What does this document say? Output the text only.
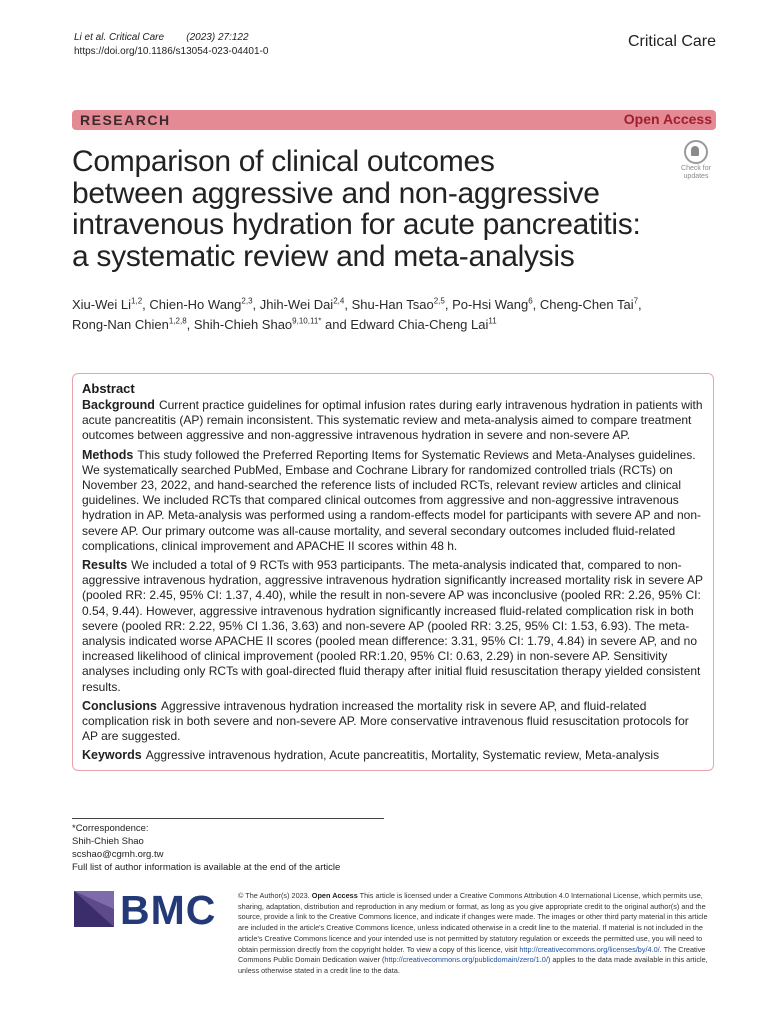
Li et al. Critical Care (2023) 27:122
https://doi.org/10.1186/s13054-023-04401-0
Critical Care
RESEARCH	Open Access
Check for
updates
Comparison of clinical outcomes
between aggressive and non-aggressive
intravenous hydration for acute pancreatitis:
a systematic review and meta-analysis
Xiu-Wei Li$^{1,2}$, Chien-Ho Wang$^{2,3}$, Jhih-Wei Dai$^{2,4}$, Shu-Han Tsao$^{2,5}$, Po-Hsi Wang$^6$, Cheng-Chen Tai$^7$,
Rong-Nan Chien$^{1,2,8}$, Shih-Chieh Shao$^{9,10,11*}$ and Edward Chia-Cheng Lai$^{11}$
Abstract

Background Current practice guidelines for optimal infusion rates during early intravenous hydration in patients with acute pancreatitis (AP) remain inconsistent. This systematic review and meta-analysis aimed to compare treatment outcomes between aggressive and non-aggressive intravenous hydration in severe and non-severe AP.

Methods This study followed the Preferred Reporting Items for Systematic Reviews and Meta-Analyses guidelines. We systematically searched PubMed, Embase and Cochrane Library for randomized controlled trials (RCTs) on November 23, 2022, and hand-searched the reference lists of included RCTs, relevant review articles and clinical guidelines. We included RCTs that compared clinical outcomes from aggressive and non-aggressive intravenous hydration in AP. Meta-analysis was performed using a random-effects model for participants with severe AP and non-severe AP. Our primary outcome was all-cause mortality, and several secondary outcomes included fluid-related complications, clinical improvement and APACHE II scores within 48 h.

Results We included a total of 9 RCTs with 953 participants. The meta-analysis indicated that, compared to non-aggressive intravenous hydration, aggressive intravenous hydration significantly increased mortality risk in severe AP (pooled RR: 2.45, 95% CI: 1.37, 4.40), while the result in non-severe AP was inconclusive (pooled RR: 2.26, 95% CI: 0.54, 9.44). However, aggressive intravenous hydration significantly increased fluid-related complication risk in both severe (pooled RR: 2.22, 95% CI 1.36, 3.63) and non-severe AP (pooled RR: 3.25, 95% CI: 1.53, 6.93). The meta-analysis indicated worse APACHE II scores (pooled mean difference: 3.31, 95% CI: 1.79, 4.84) in severe AP, and no increased likelihood of clinical improvement (pooled RR:1.20, 95% CI: 0.63, 2.29) in non-severe AP. Sensitivity analyses including only RCTs with goal-directed fluid therapy after initial fluid resuscitation therapy yielded consistent results.

Conclusions Aggressive intravenous hydration increased the mortality risk in severe AP, and fluid-related complication risk in both severe and non-severe AP. More conservative intravenous fluid resuscitation protocols for AP are suggested.

Keywords Aggressive intravenous hydration, Acute pancreatitis, Mortality, Systematic review, Meta-analysis

*Correspondence:
Shih-Chieh Shao
scshao@cgmh.org.tw
Full list of author information is available at the end of the article
BMC	© The Author(s) 2023. Open Access This article is licensed under a Creative Commons Attribution 4.0 International License, which permits use, sharing, adaptation, distribution and reproduction in any medium or format, as long as you give appropriate credit to the original author(s) and the source, provide a link to the Creative Commons licence, and indicate if changes were made. The images or other third party material in this article are included in the article's Creative Commons licence, unless indicated otherwise in a credit line to the material. If material is not included in the article's Creative Commons licence and your intended use is not permitted by statutory regulation or exceeds the permitted use, you will need to obtain permission directly from the copyright holder. To view a copy of this licence, visit http://creativecommons.org/licenses/by/4.0/. The Creative Commons Public Domain Dedication waiver (http://creativecommons.org/publicdomain/zero/1.0/) applies to the data made available in this article, unless otherwise stated in a credit line to the data.
